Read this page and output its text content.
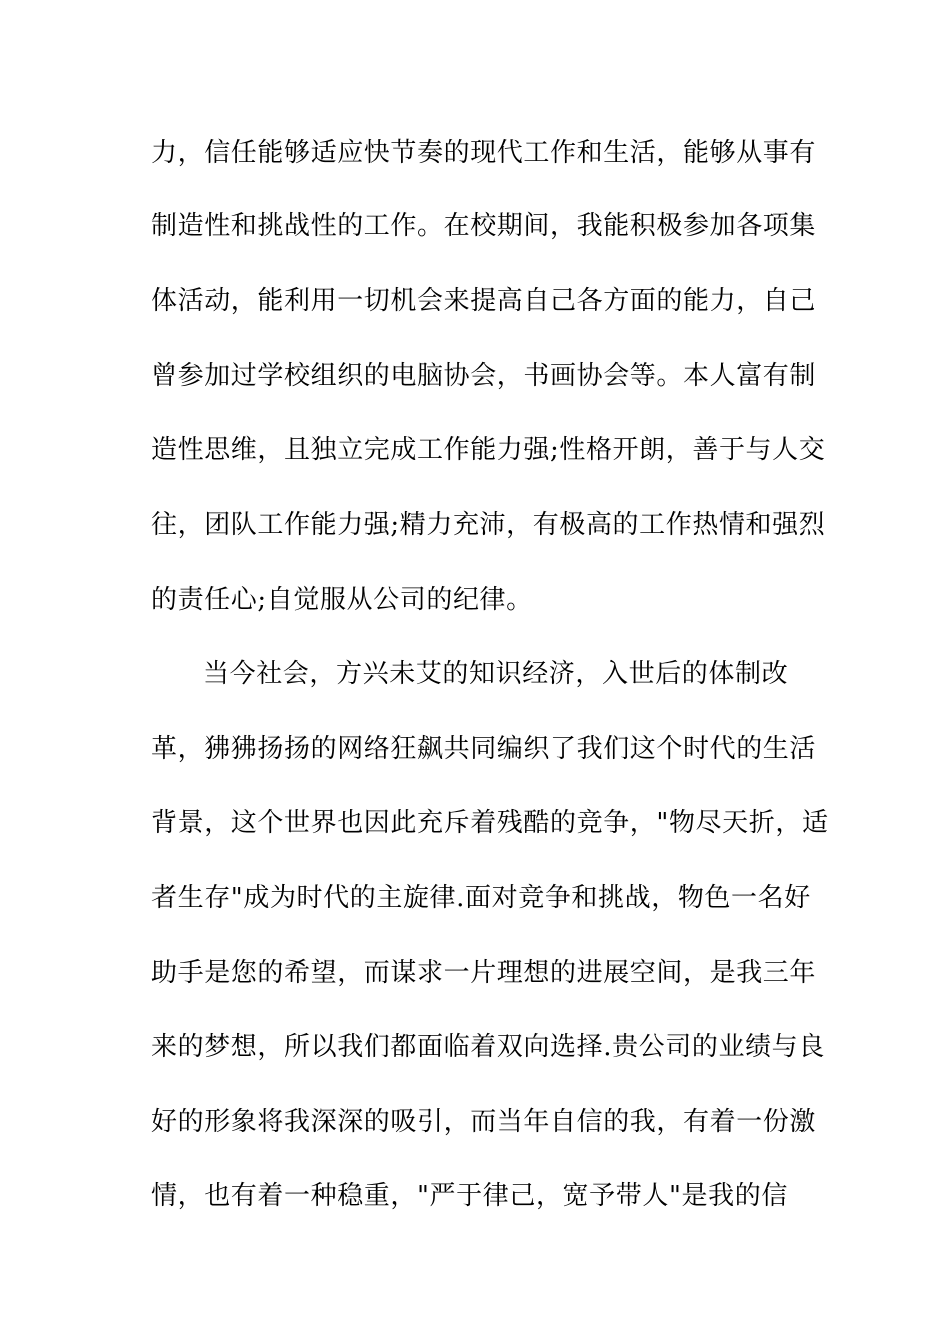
力，信任能够适应快节奏的现代工作和生活，能够从事有
制造性和挑战性的工作。在校期间，我能积极参加各项集
体活动，能利用一切机会来提高自己各方面的能力，自己
曾参加过学校组织的电脑协会，书画协会等。本人富有制
造性思维，且独立完成工作能力强;性格开朗，善于与人交
往，团队工作能力强;精力充沛，有极高的工作热情和强烈
的责任心;自觉服从公司的纪律。
当今社会，方兴未艾的知识经济，入世后的体制改
革，狒狒扬扬的网络狂飙共同编织了我们这个时代的生活
背景，这个世界也因此充斥着残酷的竞争，"物尽天折，适
者生存"成为时代的主旋律.面对竞争和挑战，物色一名好
助手是您的希望，而谋求一片理想的进展空间，是我三年
来的梦想，所以我们都面临着双向选择.贵公司的业绩与良
好的形象将我深深的吸引，而当年自信的我，有着一份激
情，也有着一种稳重，"严于律己，宽予带人"是我的信
